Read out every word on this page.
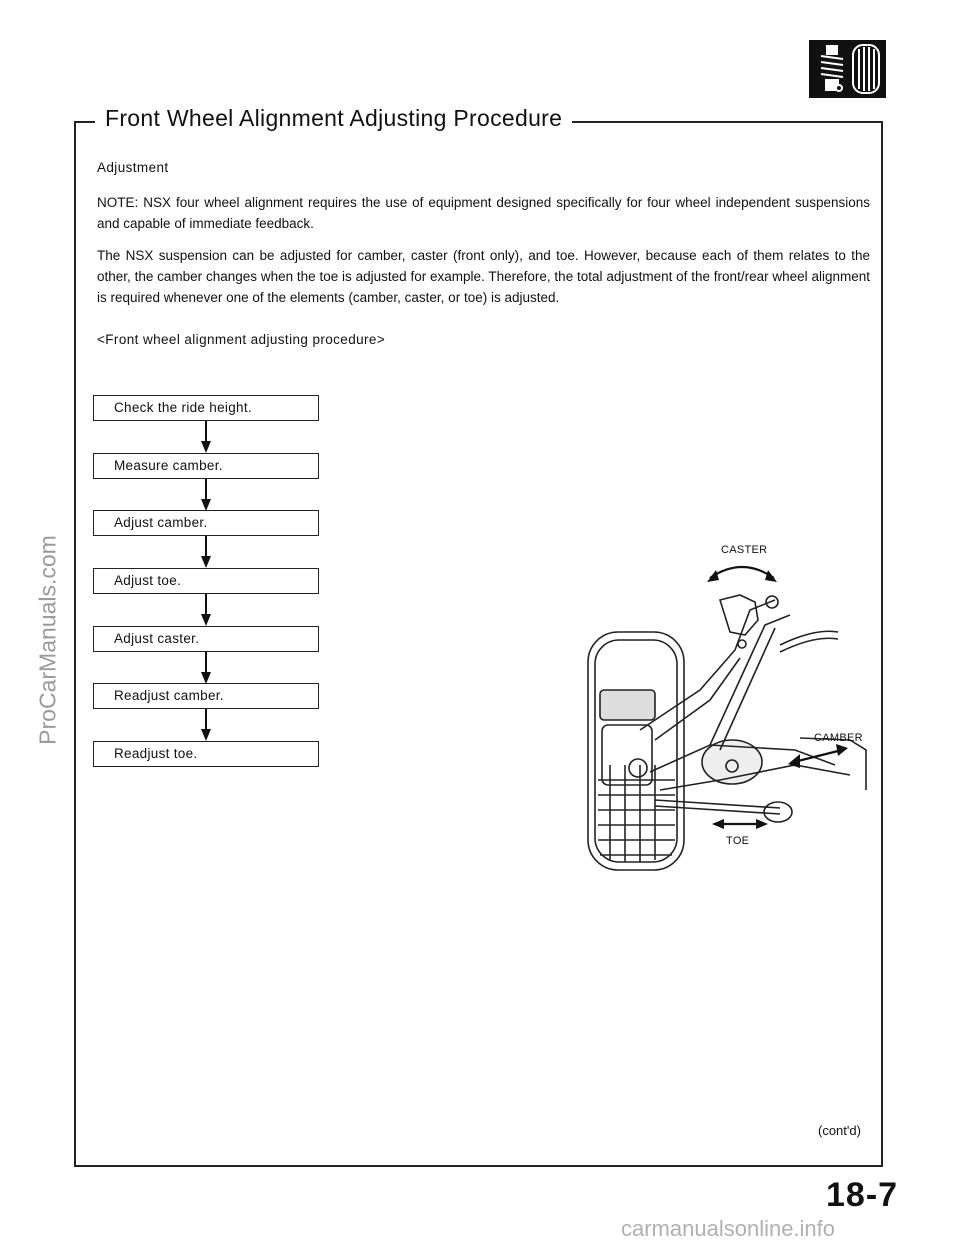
Front Wheel Alignment Adjusting Procedure
Adjustment
NOTE: NSX four wheel alignment requires the use of equipment designed specifically for four wheel independent suspensions and capable of immediate feedback.
The NSX suspension can be adjusted for camber, caster (front only), and toe. However, because each of them relates to the other, the camber changes when the toe is adjusted for example. Therefore, the total adjustment of the front/rear wheel alignment is required whenever one of the elements (camber, caster, or toe) is adjusted.
<Front wheel alignment adjusting procedure>
Check the ride height.
Measure camber.
Adjust camber.
Adjust toe.
Adjust caster.
Readjust camber.
Readjust toe.
CASTER
CAMBER
TOE
(cont'd)
18-7
ProCarManuals.com
carmanualsonline.info
